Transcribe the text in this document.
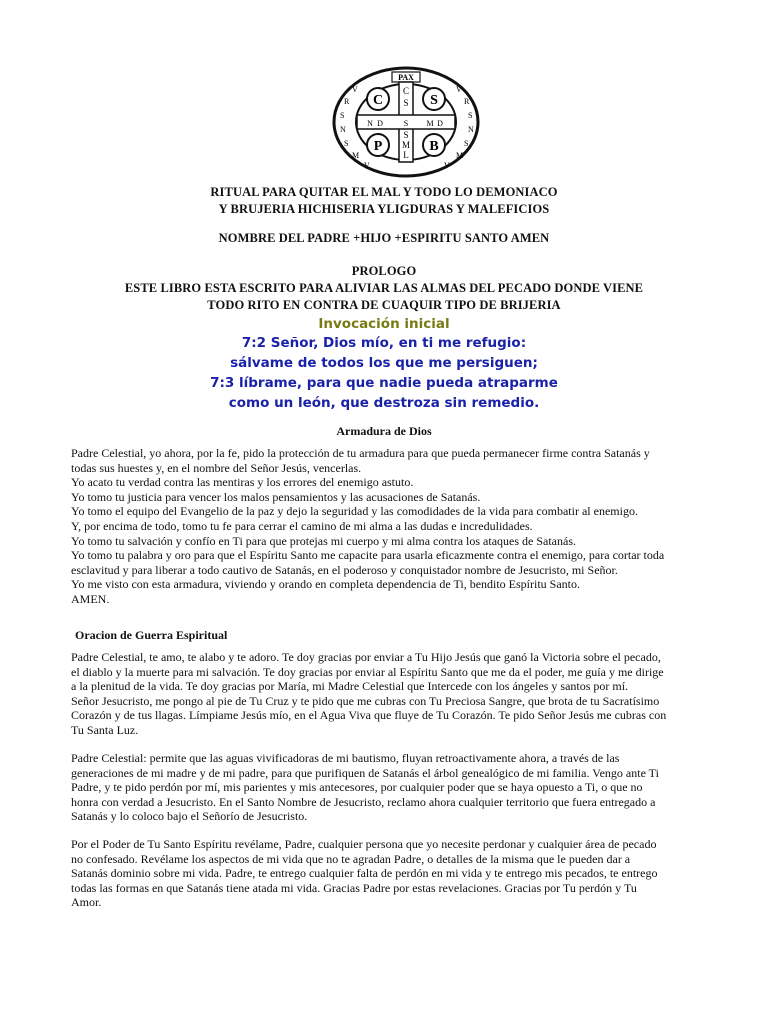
PAX
C	S
P	B
C
S
S
M
L
N D	S M D
V
R
S
N
S
M
V
V
R
S
N
S
M
V
RITUAL PARA QUITAR EL MAL Y TODO LO DEMONIACO
Y BRUJERIA HICHISERIA YLIGDURAS Y MALEFICIOS
NOMBRE DEL PADRE +HIJO +ESPIRITU SANTO AMEN
PROLOGO
ESTE LIBRO ESTA ESCRITO PARA ALIVIAR LAS ALMAS DEL PECADO DONDE VIENE
TODO RITO EN CONTRA DE CUAQUIR TIPO DE BRIJERIA
Invocación inicial
7:2 Señor, Dios mío, en ti me refugio:
sálvame de todos los que me persiguen;
7:3 líbrame, para que nadie pueda atraparme
como un león, que destroza sin remedio.
Armadura de Dios
Padre Celestial, yo ahora, por la fe, pido la protección de tu armadura para que pueda permanecer firme contra Satanás y
todas sus huestes y, en el nombre del Señor Jesús, vencerlas.
Yo acato tu verdad contra las mentiras y los errores del enemigo astuto.
Yo tomo tu justicia para vencer los malos pensamientos y las acusaciones de Satanás.
Yo tomo el equipo del Evangelio de la paz y dejo la seguridad y las comodidades de la vida para combatir al enemigo.
Y, por encima de todo, tomo tu fe para cerrar el camino de mi alma a las dudas e incredulidades.
Yo tomo tu salvación y confío en Ti para que protejas mi cuerpo y mi alma contra los ataques de Satanás.
Yo tomo tu palabra y oro para que el Espíritu Santo me capacite para usarla eficazmente contra el enemigo, para cortar toda
esclavitud y para liberar a todo cautivo de Satanás, en el poderoso y conquistador nombre de Jesucristo, mi Señor.
Yo me visto con esta armadura, viviendo y orando en completa dependencia de Ti, bendito Espíritu Santo.
AMEN.
Oracion de Guerra Espiritual
Padre Celestial, te amo, te alabo y te adoro. Te doy gracias por enviar a Tu Hijo Jesús que ganó la Victoria sobre el pecado,
el diablo y la muerte para mi salvación. Te doy gracias por enviar al Espíritu Santo que me da el poder, me guía y me dirige
a la plenitud de la vida. Te doy gracias por María, mi Madre Celestial que Intercede con los ángeles y santos por mí.
Señor Jesucristo, me pongo al pie de Tu Cruz y te pido que me cubras con Tu Preciosa Sangre, que brota de tu Sacratísimo
Corazón y de tus llagas. Límpiame Jesús mío, en el Agua Viva que fluye de Tu Corazón. Te pido Señor Jesús me cubras con
Tu Santa Luz.
Padre Celestial: permite que las aguas vivificadoras de mi bautismo, fluyan retroactivamente ahora, a través de las
generaciones de mi madre y de mi padre, para que purifiquen de Satanás el árbol genealógico de mi familia. Vengo ante Ti
Padre, y te pido perdón por mí, mis parientes y mis antecesores, por cualquier poder que se haya opuesto a Ti, o que no
honra con verdad a Jesucristo. En el Santo Nombre de Jesucristo, reclamo ahora cualquier territorio que fuera entregado a
Satanás y lo coloco bajo el Señorío de Jesucristo.
Por el Poder de Tu Santo Espíritu revélame, Padre, cualquier persona que yo necesite perdonar y cualquier área de pecado
no confesado. Revélame los aspectos de mi vida que no te agradan Padre, o detalles de la misma que le pueden dar a
Satanás dominio sobre mi vida. Padre, te entrego cualquier falta de perdón en mi vida y te entrego mis pecados, te entrego
todas las formas en que Satanás tiene atada mi vida. Gracias Padre por estas revelaciones. Gracias por Tu perdón y Tu
Amor.
